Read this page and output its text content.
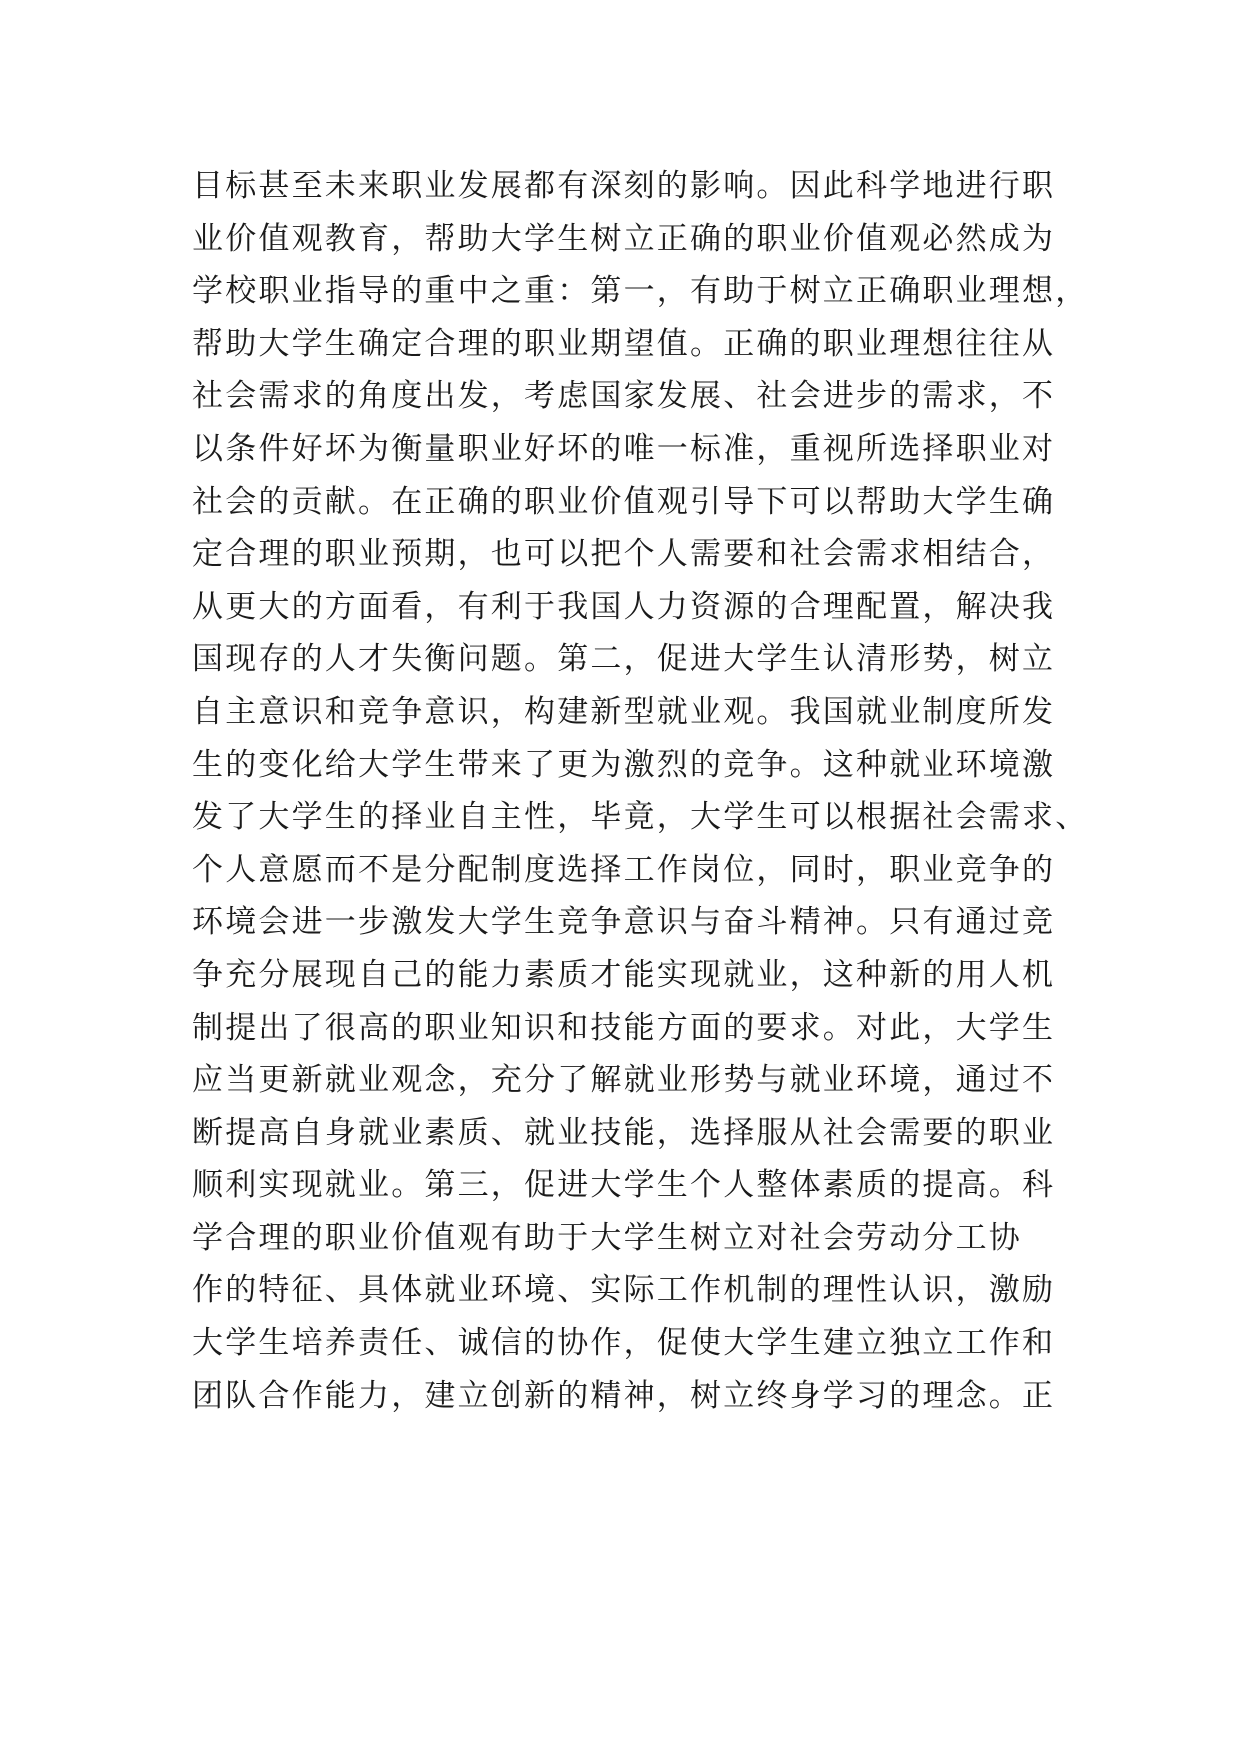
目标甚至未来职业发展都有深刻的影响。因此科学地进行职
业价值观教育，帮助大学生树立正确的职业价值观必然成为
学校职业指导的重中之重：第一，有助于树立正确职业理想，
帮助大学生确定合理的职业期望值。正确的职业理想往往从
社会需求的角度出发，考虑国家发展、社会进步的需求，不
以条件好坏为衡量职业好坏的唯一标准，重视所选择职业对
社会的贡献。在正确的职业价值观引导下可以帮助大学生确
定合理的职业预期，也可以把个人需要和社会需求相结合，
从更大的方面看，有利于我国人力资源的合理配置，解决我
国现存的人才失衡问题。第二，促进大学生认清形势，树立
自主意识和竞争意识，构建新型就业观。我国就业制度所发
生的变化给大学生带来了更为激烈的竞争。这种就业环境激
发了大学生的择业自主性，毕竟，大学生可以根据社会需求、
个人意愿而不是分配制度选择工作岗位，同时，职业竞争的
环境会进一步激发大学生竞争意识与奋斗精神。只有通过竞
争充分展现自己的能力素质才能实现就业，这种新的用人机
制提出了很高的职业知识和技能方面的要求。对此，大学生
应当更新就业观念，充分了解就业形势与就业环境，通过不
断提高自身就业素质、就业技能，选择服从社会需要的职业
顺利实现就业。第三，促进大学生个人整体素质的提高。科
学合理的职业价值观有助于大学生树立对社会劳动分工协
作的特征、具体就业环境、实际工作机制的理性认识，激励
大学生培养责任、诚信的协作，促使大学生建立独立工作和
团队合作能力，建立创新的精神，树立终身学习的理念。正
